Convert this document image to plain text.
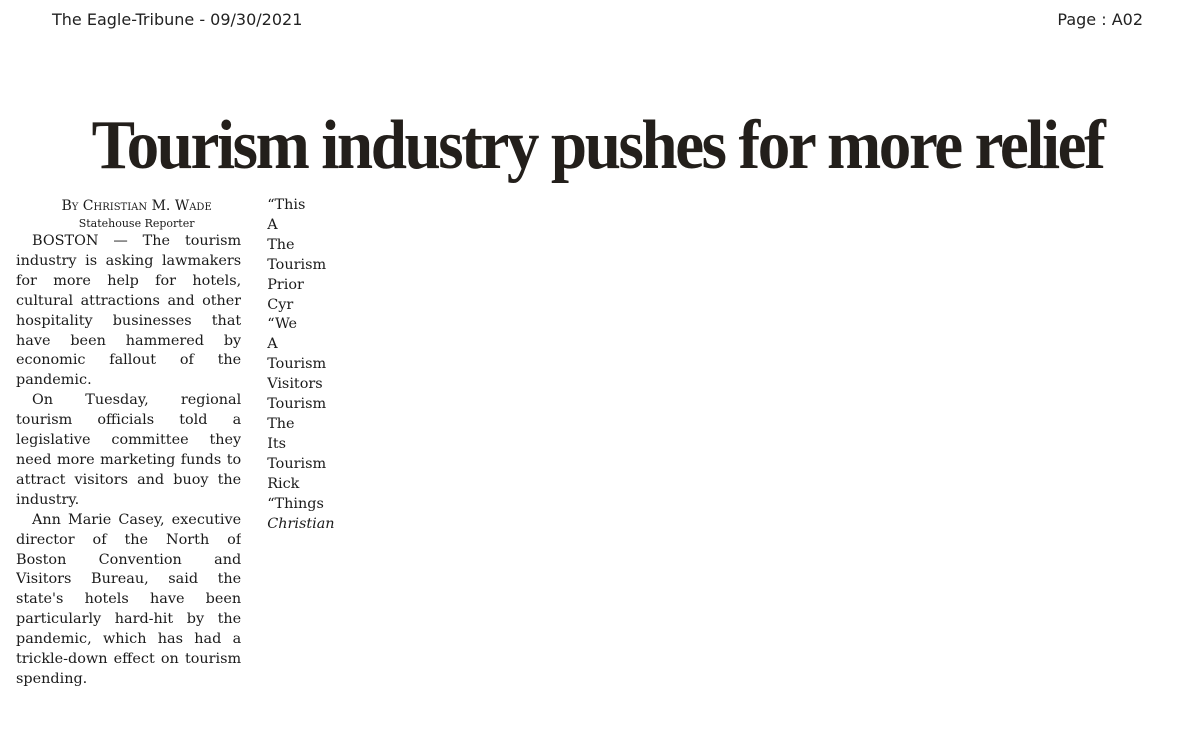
The Eagle-Tribune - 09/30/2021	Page : A02
Tourism industry pushes for more relief

By Christian M. Wade

Statehouse Reporter

BOSTON — The tourism industry is asking lawmakers for more help for hotels, cultural attractions and other hospitality businesses that have been hammered by economic fallout of the pandemic.

On Tuesday, regional tourism officials told a legislative committee they need more marketing funds to attract visitors and buoy the industry.

Ann Marie Casey, executive director of the North of Boston Convention and Visitors Bureau, said the state's hotels have been particularly hard-hit by the pandemic, which has had a trickle-down effect on tourism spending.

“This

A

The

Tourism

Prior

Cyr

“We

A

Tourism

Visitors

Tourism

The

Its

Tourism

Rick

“Things

Christian
